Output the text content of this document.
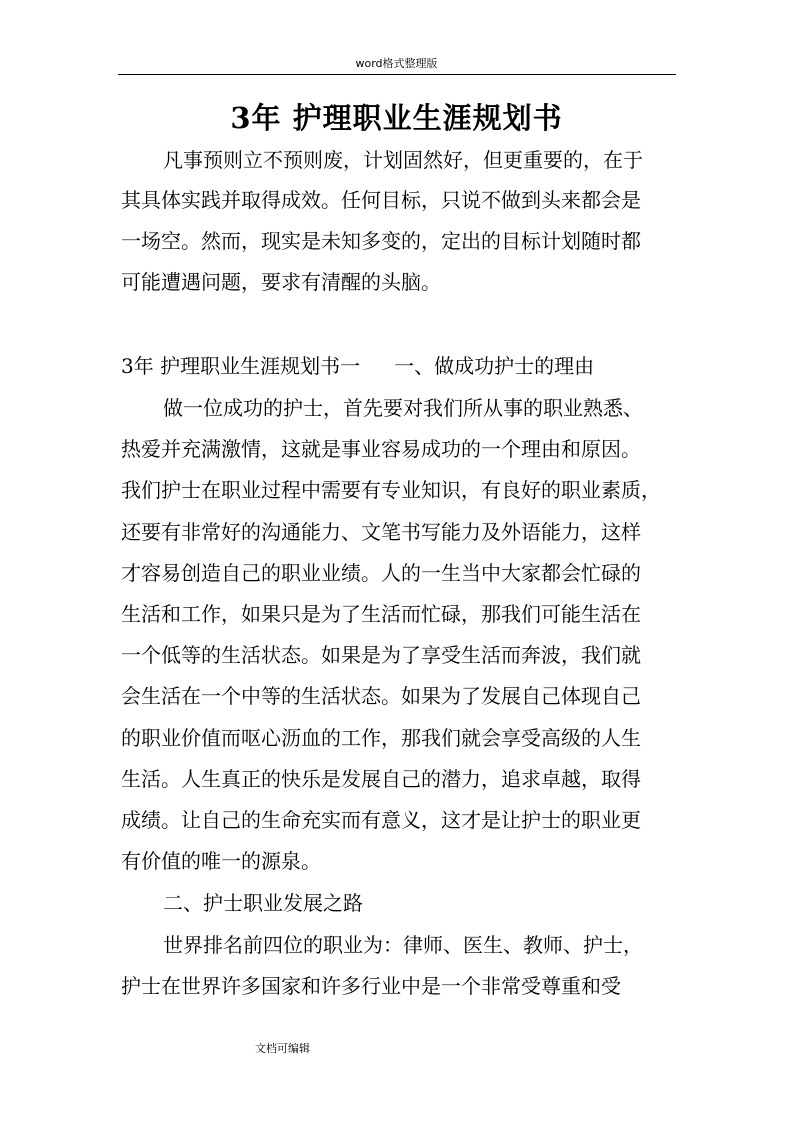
word格式整理版
3年 护理职业生涯规划书
凡事预则立不预则废，计划固然好，但更重要的，在于
其具体实践并取得成效。任何目标，只说不做到头来都会是
一场空。然而，现实是未知多变的，定出的目标计划随时都
可能遭遇问题，要求有清醒的头脑。
3年 护理职业生涯规划书一 一、做成功护士的理由
做一位成功的护士，首先要对我们所从事的职业熟悉、
热爱并充满激情，这就是事业容易成功的一个理由和原因。
我们护士在职业过程中需要有专业知识，有良好的职业素质，
还要有非常好的沟通能力、文笔书写能力及外语能力，这样
才容易创造自己的职业业绩。人的一生当中大家都会忙碌的
生活和工作，如果只是为了生活而忙碌，那我们可能生活在
一个低等的生活状态。如果是为了享受生活而奔波，我们就
会生活在一个中等的生活状态。如果为了发展自己体现自己
的职业价值而呕心沥血的工作，那我们就会享受高级的人生
生活。人生真正的快乐是发展自己的潜力，追求卓越，取得
成绩。让自己的生命充实而有意义，这才是让护士的职业更
有价值的唯一的源泉。
二、护士职业发展之路
世界排名前四位的职业为：律师、医生、教师、护士，
护士在世界许多国家和许多行业中是一个非常受尊重和受
文档可编辑
